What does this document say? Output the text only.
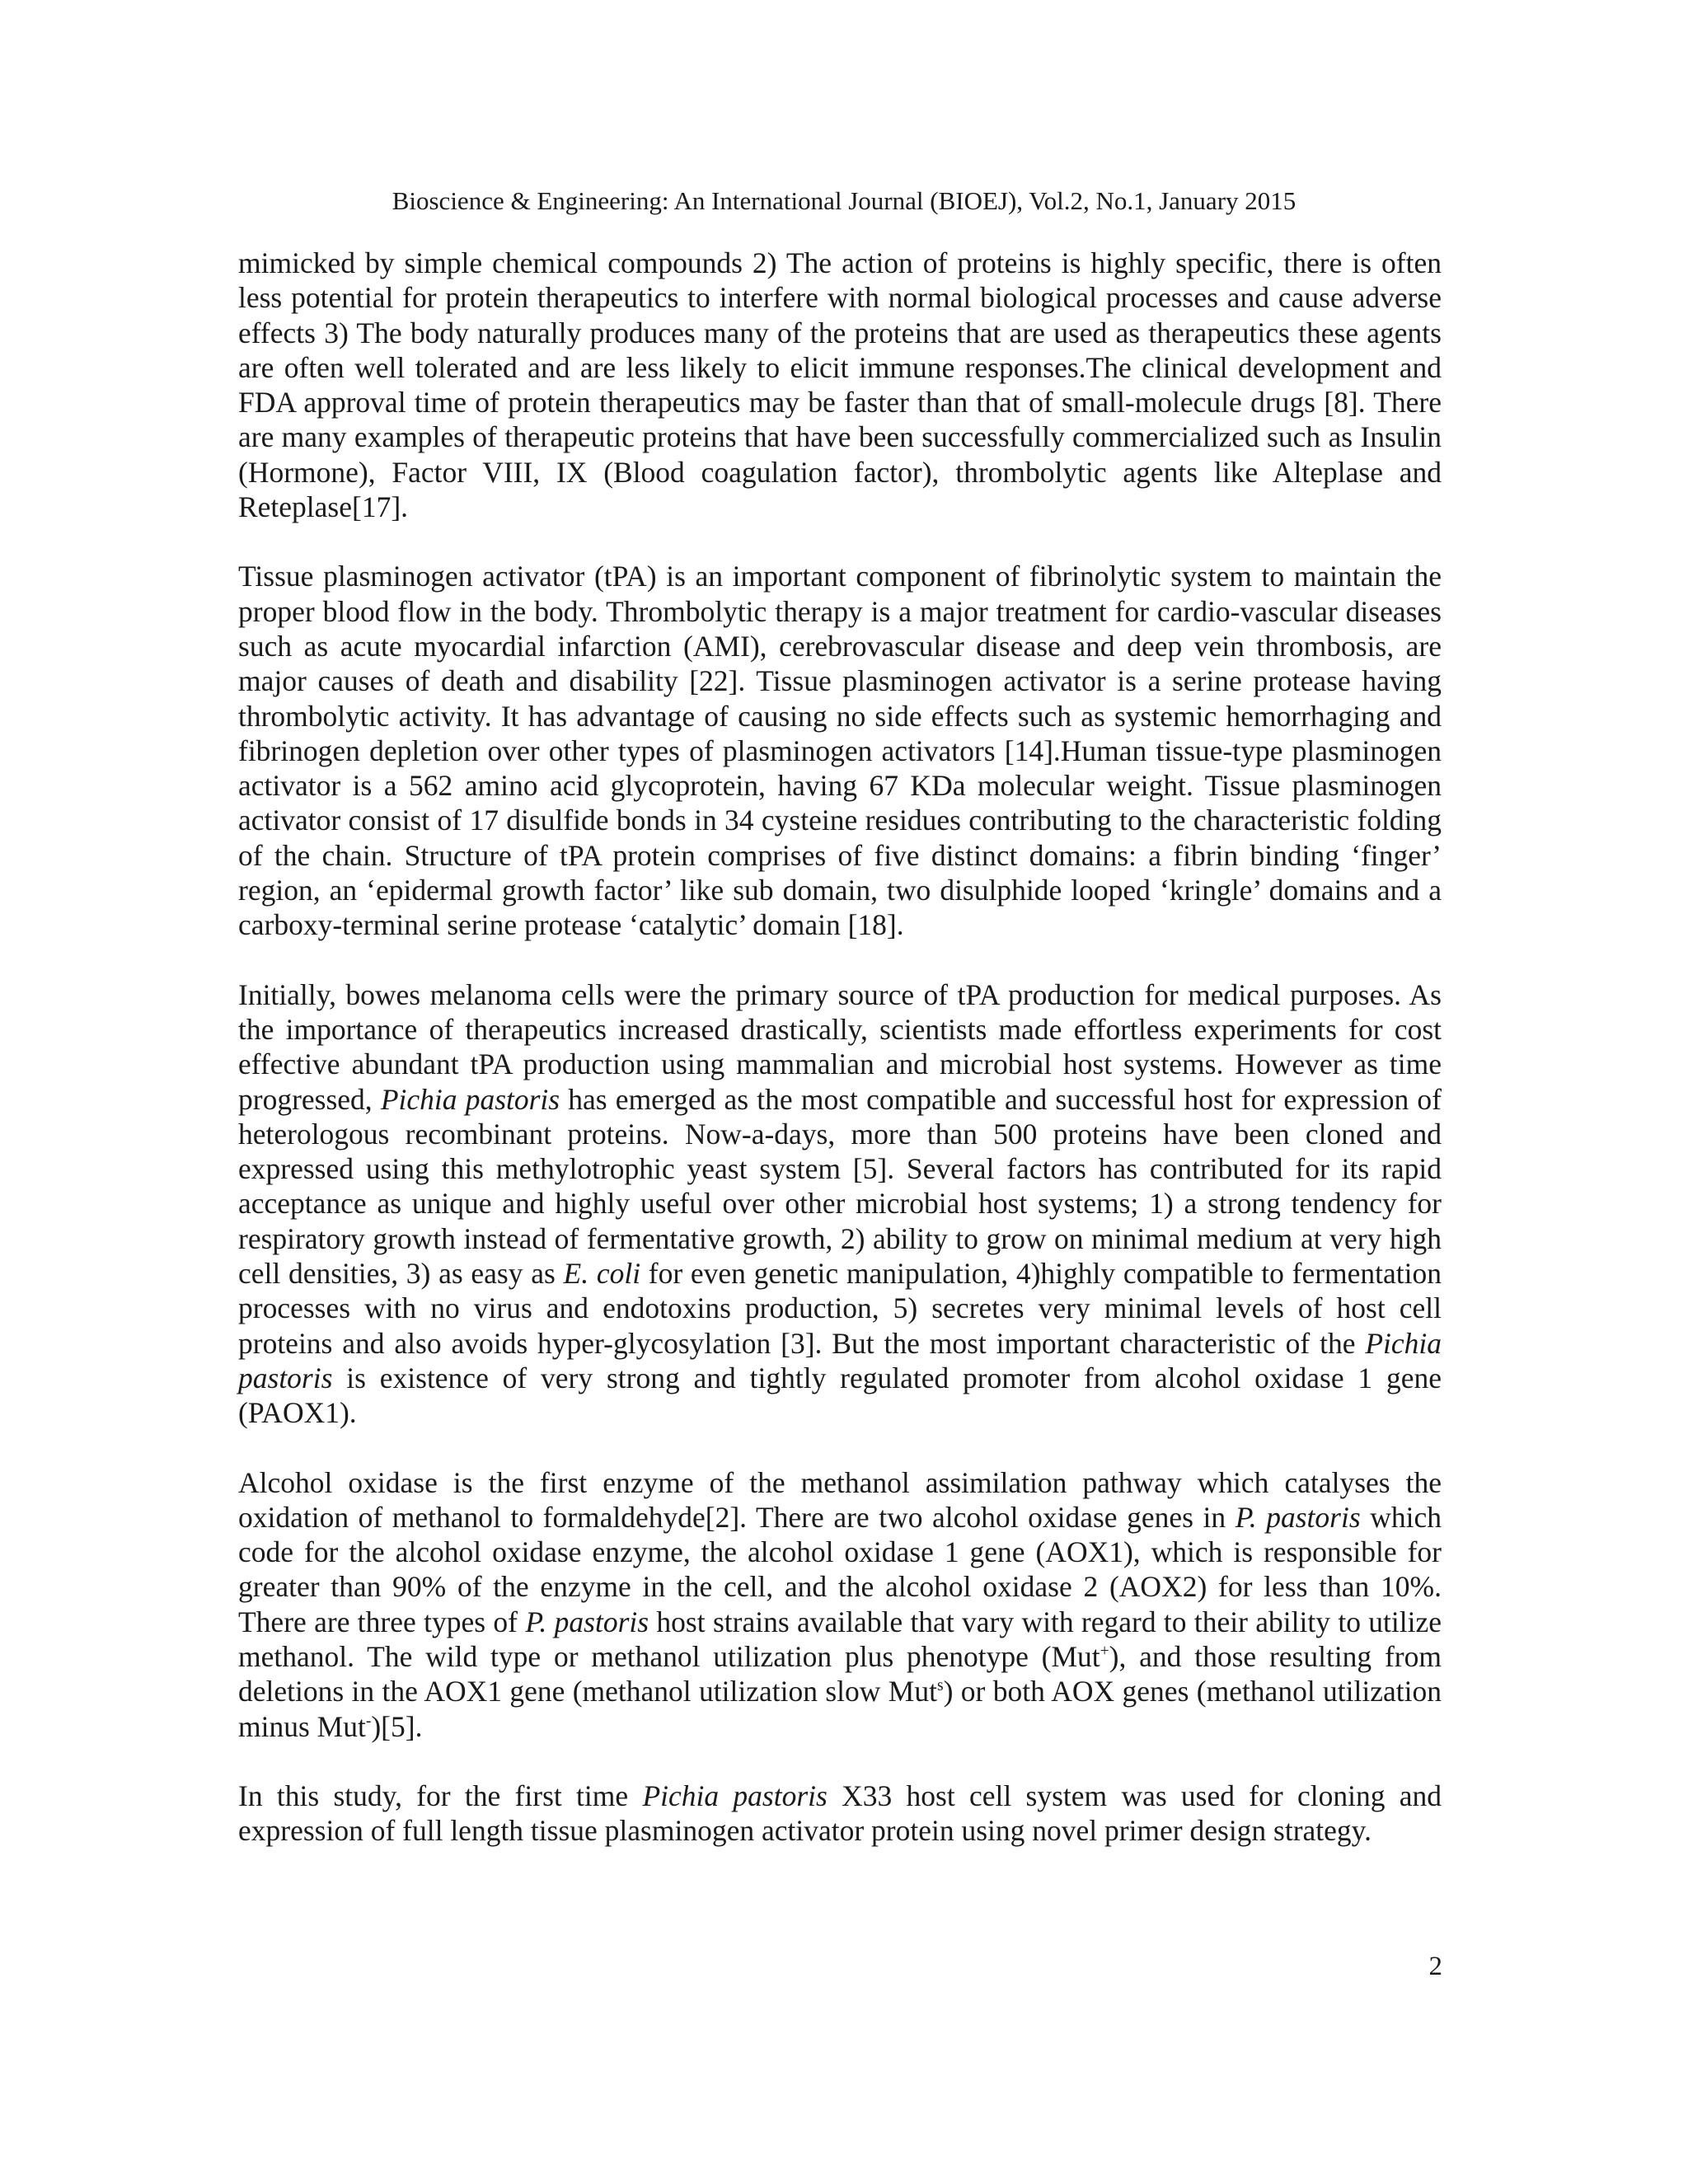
Bioscience & Engineering: An International Journal (BIOEJ), Vol.2, No.1, January 2015

mimicked by simple chemical compounds 2) The action of proteins is highly specific, there is often less potential for protein therapeutics to interfere with normal biological processes and cause adverse effects 3) The body naturally produces many of the proteins that are used as therapeutics these agents are often well tolerated and are less likely to elicit immune responses.The clinical development and FDA approval time of protein therapeutics may be faster than that of small-molecule drugs [8]. There are many examples of therapeutic proteins that have been successfully commercialized such as Insulin (Hormone), Factor VIII, IX (Blood coagulation factor), thrombolytic agents like Alteplase and Reteplase[17].

Tissue plasminogen activator (tPA) is an important component of fibrinolytic system to maintain the proper blood flow in the body. Thrombolytic therapy is a major treatment for cardio-vascular diseases such as acute myocardial infarction (AMI), cerebrovascular disease and deep vein thrombosis, are major causes of death and disability [22]. Tissue plasminogen activator is a serine protease having thrombolytic activity. It has advantage of causing no side effects such as systemic hemorrhaging and fibrinogen depletion over other types of plasminogen activators [14].Human tissue-type plasminogen activator is a 562 amino acid glycoprotein, having 67 KDa molecular weight. Tissue plasminogen activator consist of 17 disulfide bonds in 34 cysteine residues contributing to the characteristic folding of the chain. Structure of tPA protein comprises of five distinct domains: a fibrin binding ‘finger’ region, an ‘epidermal growth factor’ like sub domain, two disulphide looped ‘kringle’ domains and a carboxy-terminal serine protease ‘catalytic’ domain [18].

Initially, bowes melanoma cells were the primary source of tPA production for medical purposes. As the importance of therapeutics increased drastically, scientists made effortless experiments for cost effective abundant tPA production using mammalian and microbial host systems. However as time progressed, Pichia pastoris has emerged as the most compatible and successful host for expression of heterologous recombinant proteins. Now-a-days, more than 500 proteins have been cloned and expressed using this methylotrophic yeast system [5]. Several factors has contributed for its rapid acceptance as unique and highly useful over other microbial host systems; 1) a strong tendency for respiratory growth instead of fermentative growth, 2) ability to grow on minimal medium at very high cell densities, 3) as easy as E. coli for even genetic manipulation, 4)highly compatible to fermentation processes with no virus and endotoxins production, 5) secretes very minimal levels of host cell proteins and also avoids hyper-glycosylation [3]. But the most important characteristic of the Pichia pastoris is existence of very strong and tightly regulated promoter from alcohol oxidase 1 gene (PAOX1).

Alcohol oxidase is the first enzyme of the methanol assimilation pathway which catalyses the oxidation of methanol to formaldehyde[2]. There are two alcohol oxidase genes in P. pastoris which code for the alcohol oxidase enzyme, the alcohol oxidase 1 gene (AOX1), which is responsible for greater than 90% of the enzyme in the cell, and the alcohol oxidase 2 (AOX2) for less than 10%. There are three types of P. pastoris host strains available that vary with regard to their ability to utilize methanol. The wild type or methanol utilization plus phenotype (Mut+), and those resulting from deletions in the AOX1 gene (methanol utilization slow Mut$^s$) or both AOX genes (methanol utilization minus Mut-)[5].

In this study, for the first time Pichia pastoris X33 host cell system was used for cloning and expression of full length tissue plasminogen activator protein using novel primer design strategy.

2
